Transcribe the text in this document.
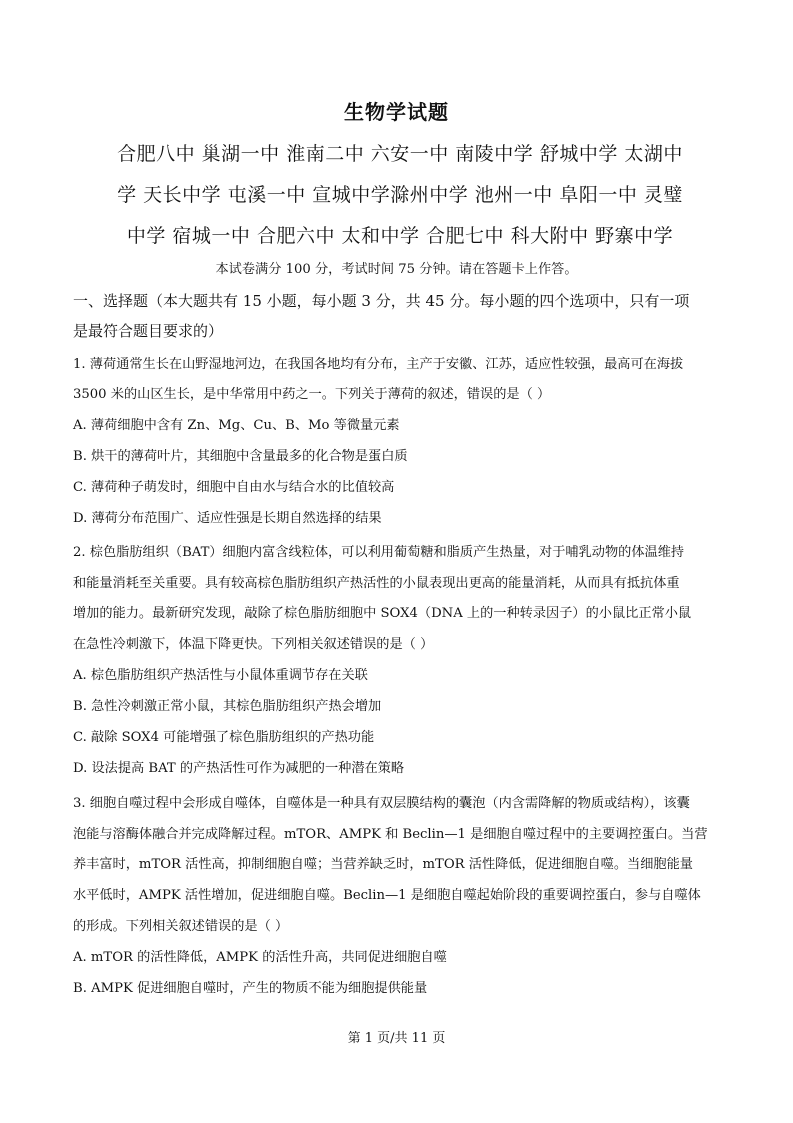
生物学试题
合肥八中 巢湖一中 淮南二中 六安一中 南陵中学 舒城中学 太湖中
学 天长中学 屯溪一中 宣城中学滁州中学 池州一中 阜阳一中 灵璧
中学 宿城一中 合肥六中 太和中学 合肥七中 科大附中 野寨中学
本试卷满分 100 分，考试时间 75 分钟。请在答题卡上作答。
一、选择题（本大题共有 15 小题，每小题 3 分，共 45 分。每小题的四个选项中，只有一项
是最符合题目要求的）
1. 薄荷通常生长在山野湿地河边，在我国各地均有分布，主产于安徽、江苏，适应性较强，最高可在海拔
3500 米的山区生长，是中华常用中药之一。下列关于薄荷的叙述，错误的是（ ）
A. 薄荷细胞中含有 Zn、Mg、Cu、B、Mo 等微量元素
B. 烘干的薄荷叶片，其细胞中含量最多的化合物是蛋白质
C. 薄荷种子萌发时，细胞中自由水与结合水的比值较高
D. 薄荷分布范围广、适应性强是长期自然选择的结果
2. 棕色脂肪组织（BAT）细胞内富含线粒体，可以利用葡萄糖和脂质产生热量，对于哺乳动物的体温维持
和能量消耗至关重要。具有较高棕色脂肪组织产热活性的小鼠表现出更高的能量消耗，从而具有抵抗体重
增加的能力。最新研究发现，敲除了棕色脂肪细胞中 SOX4（DNA 上的一种转录因子）的小鼠比正常小鼠
在急性冷刺激下，体温下降更快。下列相关叙述错误的是（ ）
A. 棕色脂肪组织产热活性与小鼠体重调节存在关联
B. 急性冷刺激正常小鼠，其棕色脂肪组织产热会增加
C. 敲除 SOX4 可能增强了棕色脂肪组织的产热功能
D. 设法提高 BAT 的产热活性可作为减肥的一种潜在策略
3. 细胞自噬过程中会形成自噬体，自噬体是一种具有双层膜结构的囊泡（内含需降解的物质或结构），该囊
泡能与溶酶体融合并完成降解过程。mTOR、AMPK 和 Beclin—1 是细胞自噬过程中的主要调控蛋白。当营
养丰富时，mTOR 活性高，抑制细胞自噬；当营养缺乏时，mTOR 活性降低，促进细胞自噬。当细胞能量
水平低时，AMPK 活性增加，促进细胞自噬。Beclin—1 是细胞自噬起始阶段的重要调控蛋白，参与自噬体
的形成。下列相关叙述错误的是（ ）
A. mTOR 的活性降低，AMPK 的活性升高，共同促进细胞自噬
B. AMPK 促进细胞自噬时，产生的物质不能为细胞提供能量
第 1 页/共 11 页
